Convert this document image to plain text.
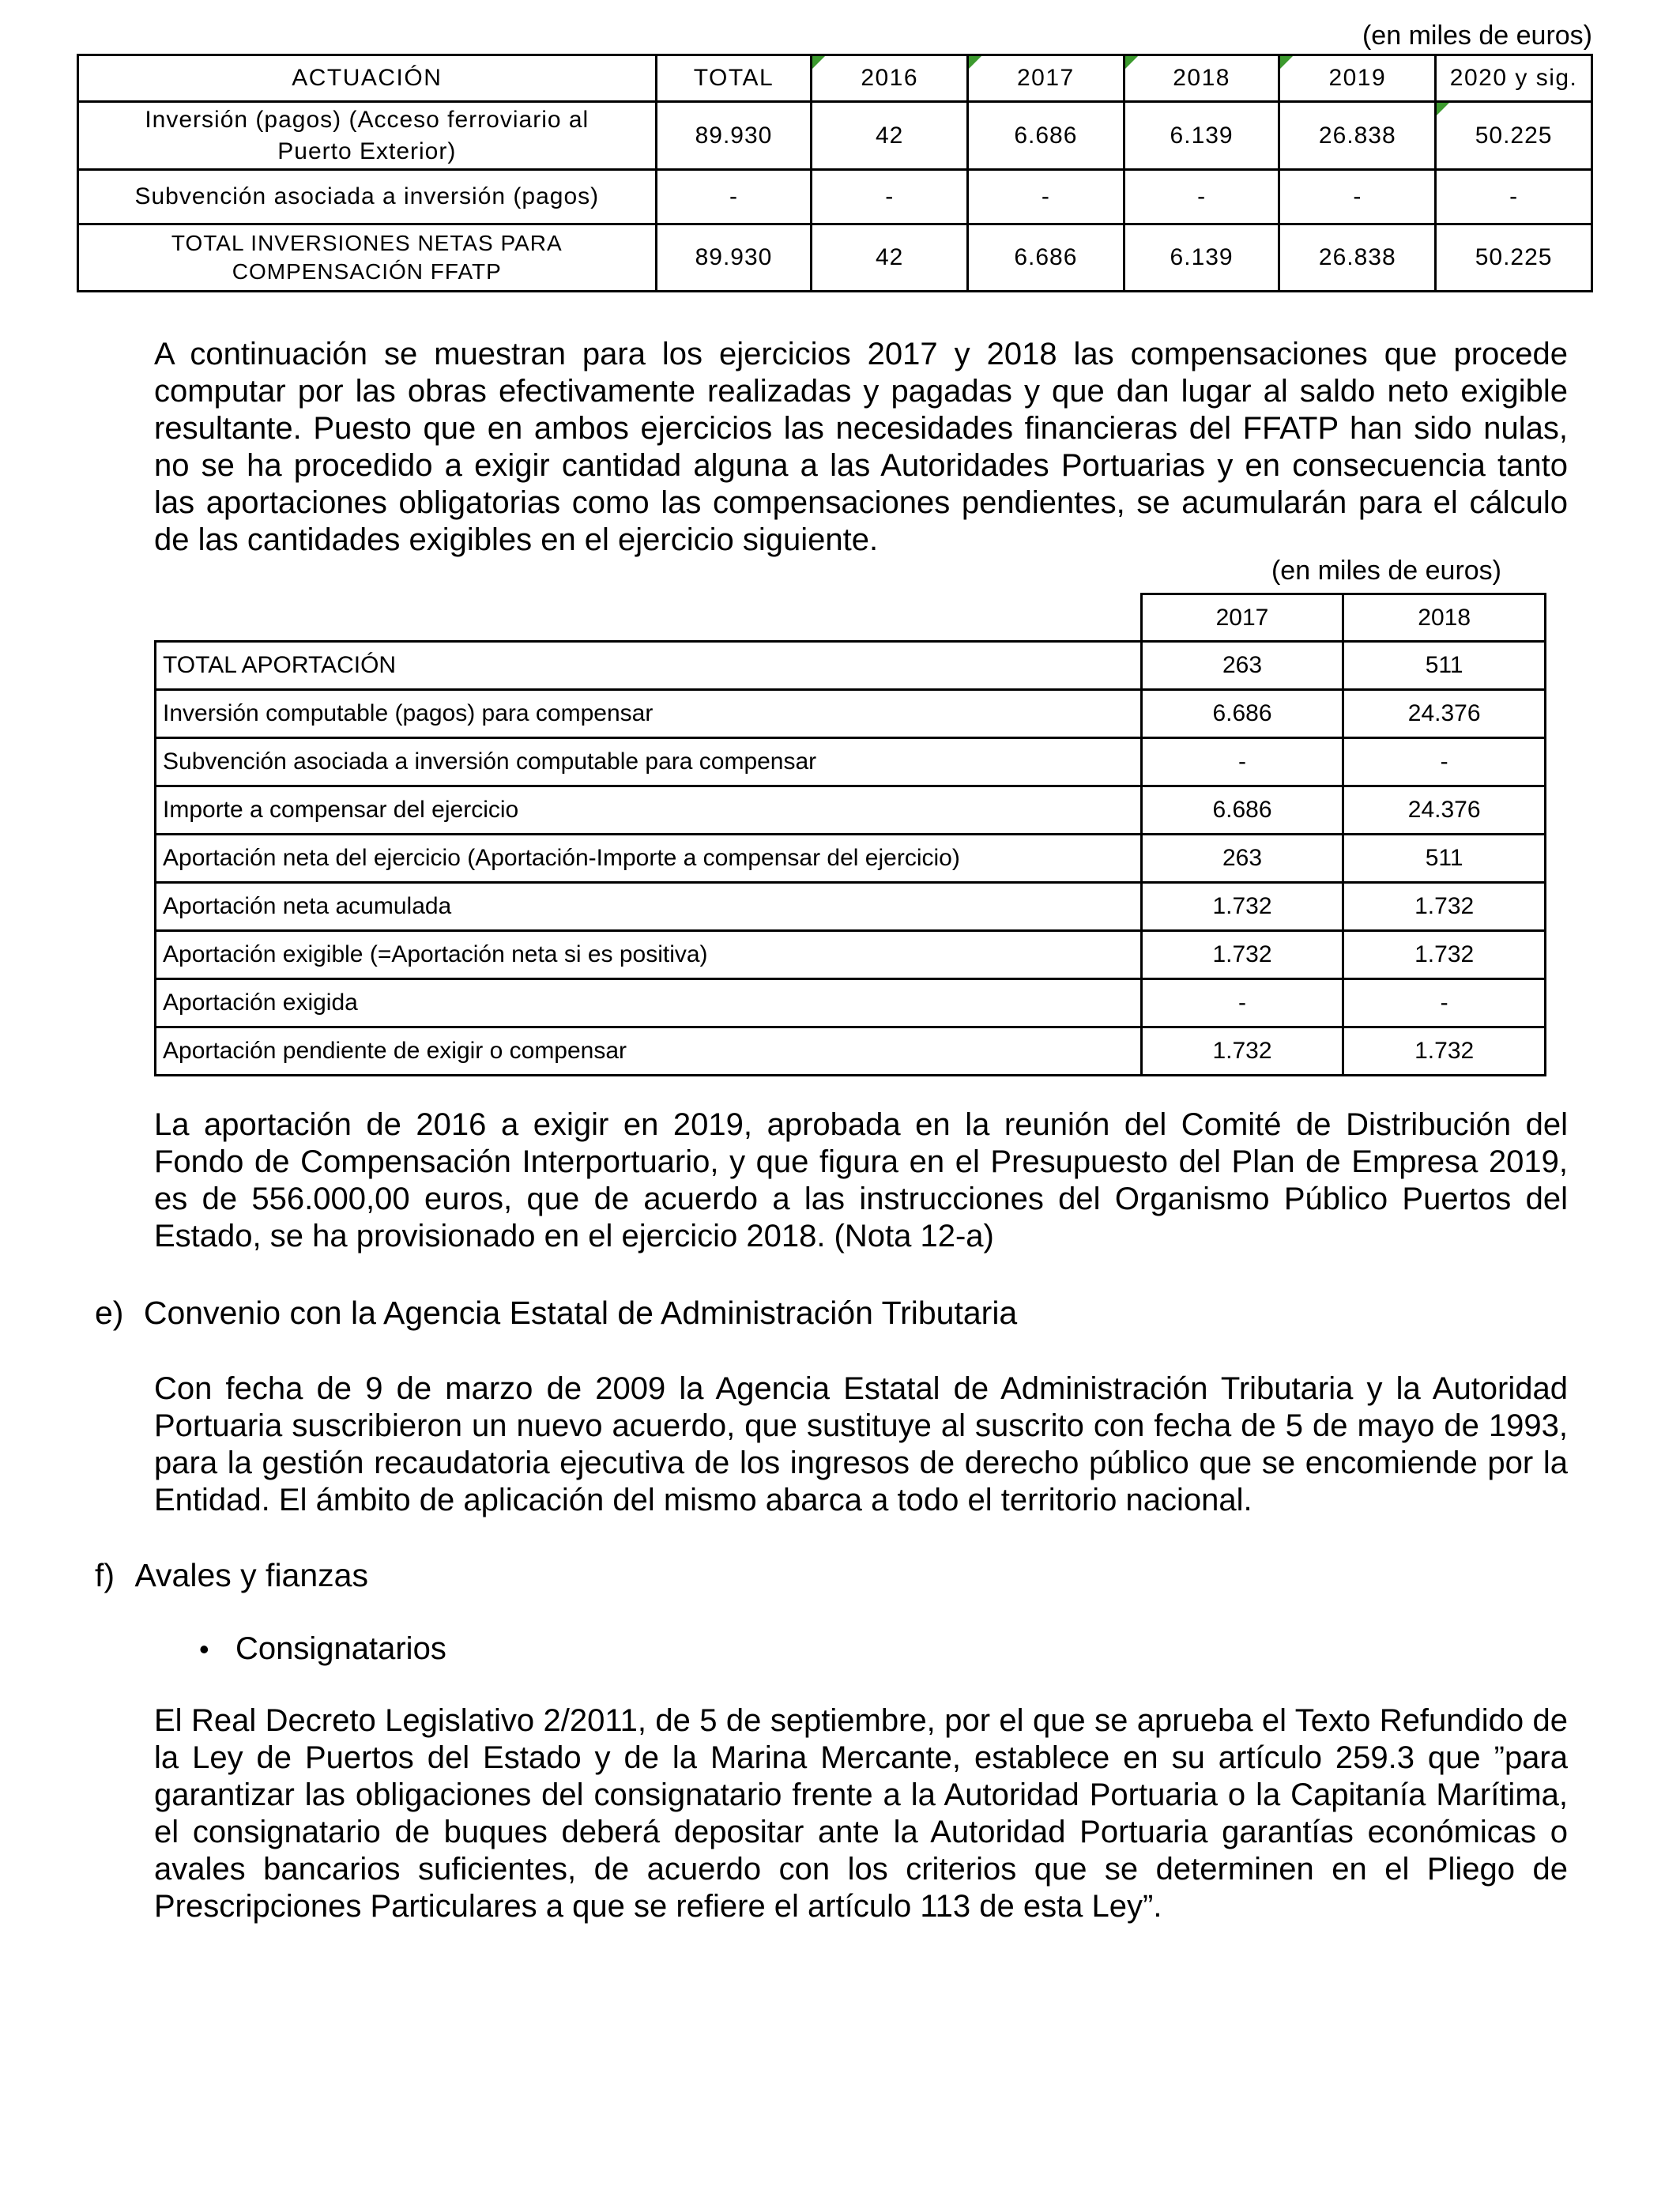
(en miles de euros)
ACTUACIÓN	TOTAL	2016	2017	2018	2019	2020 y sig.
Inversión (pagos) (Acceso ferroviario al
Puerto Exterior)	89.930	42	6.686	6.139	26.838	50.225
Subvención asociada a inversión (pagos)	-	-	-	-	-	-
TOTAL INVERSIONES NETAS PARA
COMPENSACIÓN FFATP	89.930	42	6.686	6.139	26.838	50.225
A continuación se muestran para los ejercicios 2017 y 2018 las compensaciones que procede computar por las obras efectivamente realizadas y pagadas y que dan lugar al saldo neto exigible resultante. Puesto que en ambos ejercicios las necesidades financieras del FFATP han sido nulas, no se ha procedido a exigir cantidad alguna a las Autoridades Portuarias y en consecuencia tanto las aportaciones obligatorias como las compensaciones pendientes, se acumularán para el cálculo de las cantidades exigibles en el ejercicio siguiente.
(en miles de euros)
	2017	2018
TOTAL APORTACIÓN	263	511
Inversión computable (pagos) para compensar	6.686	24.376
Subvención asociada a inversión computable para compensar	-	-
Importe a compensar del ejercicio	6.686	24.376
Aportación neta del ejercicio (Aportación-Importe a compensar del ejercicio)	263	511
Aportación neta acumulada	1.732	1.732
Aportación exigible (=Aportación neta si es positiva)	1.732	1.732
Aportación exigida	-	-
Aportación pendiente de exigir o compensar	1.732	1.732
La aportación de 2016 a exigir en 2019, aprobada en la reunión del Comité de Distribución del Fondo de Compensación Interportuario, y que figura en el Presupuesto del Plan de Empresa 2019, es de 556.000,00 euros, que de acuerdo a las instrucciones del Organismo Público Puertos del Estado, se ha provisionado en el ejercicio 2018. (Nota 12-a)
e) Convenio con la Agencia Estatal de Administración Tributaria
Con fecha de 9 de marzo de 2009 la Agencia Estatal de Administración Tributaria y la Autoridad Portuaria suscribieron un nuevo acuerdo, que sustituye al suscrito con fecha de 5 de mayo de 1993, para la gestión recaudatoria ejecutiva de los ingresos de derecho público que se encomiende por la Entidad. El ámbito de aplicación del mismo abarca a todo el territorio nacional.
f) Avales y fianzas
• Consignatarios
El Real Decreto Legislativo 2/2011, de 5 de septiembre, por el que se aprueba el Texto Refundido de la Ley de Puertos del Estado y de la Marina Mercante, establece en su artículo 259.3 que ”para garantizar las obligaciones del consignatario frente a la Autoridad Portuaria o la Capitanía Marítima, el consignatario de buques deberá depositar ante la Autoridad Portuaria garantías económicas o avales bancarios suficientes, de acuerdo con los criterios que se determinen en el Pliego de Prescripciones Particulares a que se refiere el artículo 113 de esta Ley”.
